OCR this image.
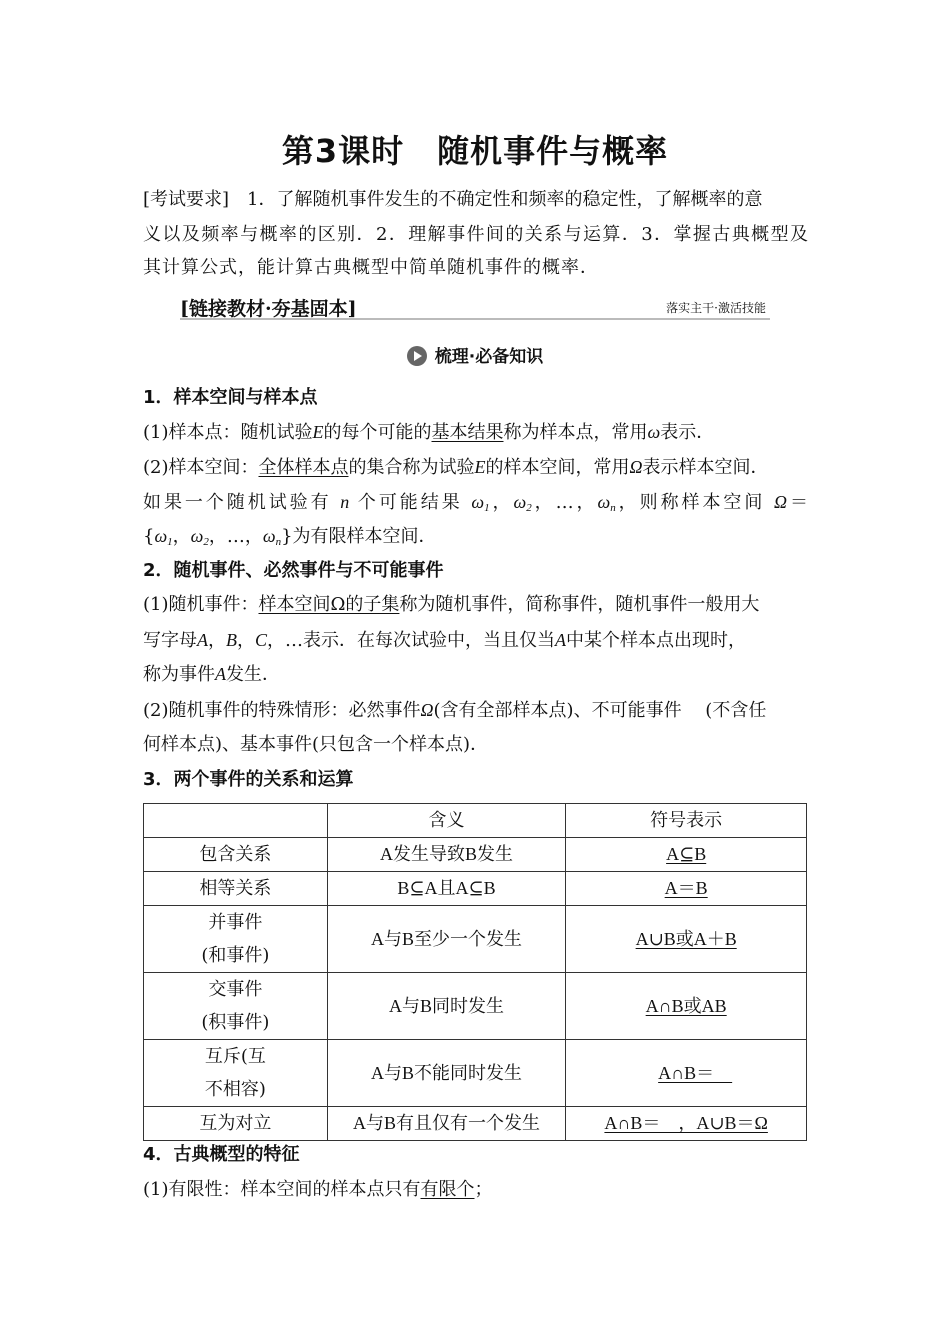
第3课时　随机事件与概率
[考试要求]　 1．了解随机事件发生的不确定性和频率的稳定性，了解概率的意
义以及频率与概率的区别．2．理解事件间的关系与运算．3．掌握古典概型及
其计算公式，能计算古典概型中简单随机事件的概率．
[链接教材·夯基固本]	落实主干·激活技能
梳理·必备知识
1．样本空间与样本点
(1)样本点：随机试验E的每个可能的基本结果称为样本点，常用ω表示．
(2)样本空间：全体样本点的集合称为试验E的样本空间，常用Ω表示样本空间．
如果一个随机试验有 n 个可能结果 $\omega_1$，$\omega_2$，…，$\omega_n$，则称样本空间 Ω＝
{$\omega_1$，$\omega_2$，…，$\omega_n$}为有限样本空间．
2．随机事件、必然事件与不可能事件
(1)随机事件：样本空间Ω的子集称为随机事件，简称事件，随机事件一般用大
写字母A，B，C，…表示．在每次试验中，当且仅当A中某个样本点出现时，
称为事件A发生．
(2)随机事件的特殊情形：必然事件Ω(含有全部样本点)、不可能事件　 (不含任
何样本点)、基本事件(只包含一个样本点)．
3．两个事件的关系和运算
4．古典概型的特征
(1)有限性：样本空间的样本点只有有限个；
	含义	符号表示

包含关系	A发生导致B发生	A⊆B

相等关系	B⊆A且A⊆B	A＝B

并事件
(和事件)	A与B至少一个发生	A∪B或A＋B

交事件
(积事件)	A与B同时发生	A∩B或AB

互斥(互
不相容)	A与B不能同时发生	A∩B＝　

互为对立	A与B有且仅有一个发生	A∩B＝　，A∪B＝Ω
